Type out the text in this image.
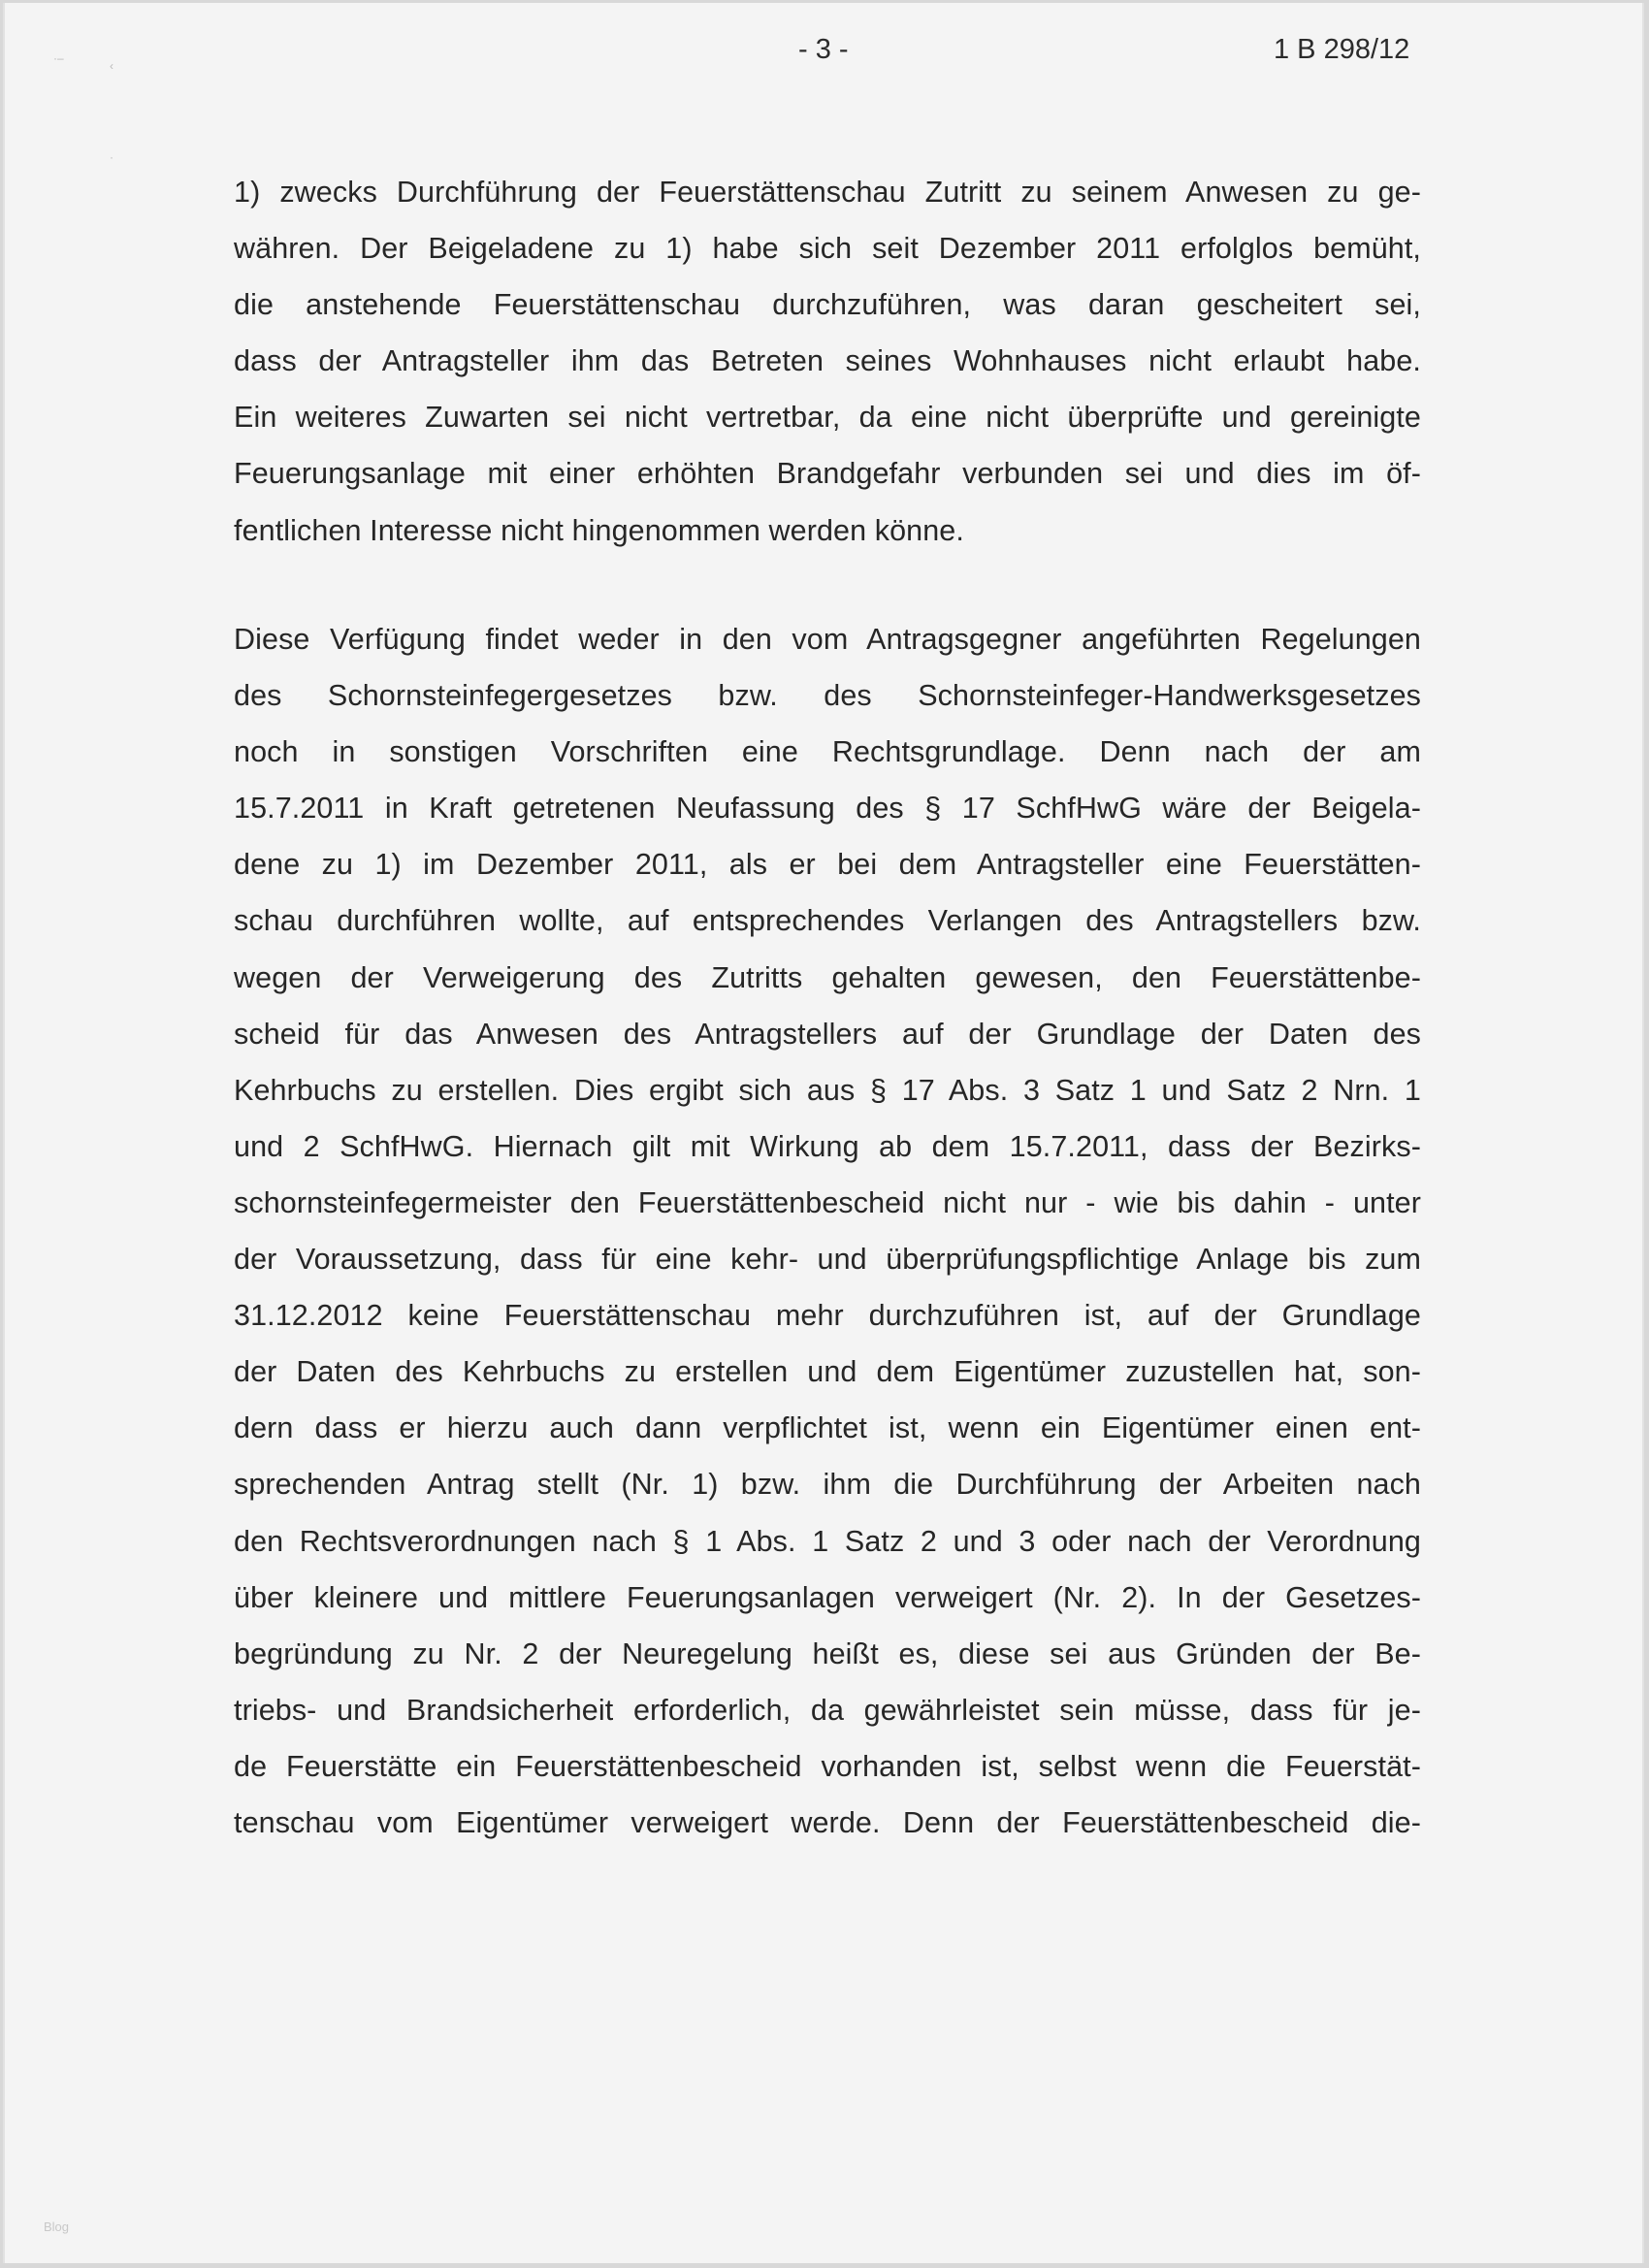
·–
‹
·
- 3 -	1 B 298/12
1) zwecks Durchführung der Feuerstättenschau Zutritt zu seinem Anwesen zu ge-
währen. Der Beigeladene zu 1) habe sich seit Dezember 2011 erfolglos bemüht,
die anstehende Feuerstättenschau durchzuführen, was daran gescheitert sei,
dass der Antragsteller ihm das Betreten seines Wohnhauses nicht erlaubt habe.
Ein weiteres Zuwarten sei nicht vertretbar, da eine nicht überprüfte und gereinigte
Feuerungsanlage mit einer erhöhten Brandgefahr verbunden sei und dies im öf-
fentlichen Interesse nicht hingenommen werden könne.
Diese Verfügung findet weder in den vom Antragsgegner angeführten Regelungen
des Schornsteinfegergesetzes bzw. des Schornsteinfeger-Handwerksgesetzes
noch in sonstigen Vorschriften eine Rechtsgrundlage. Denn nach der am
15.7.2011 in Kraft getretenen Neufassung des § 17 SchfHwG wäre der Beigela-
dene zu 1) im Dezember 2011, als er bei dem Antragsteller eine Feuerstätten-
schau durchführen wollte, auf entsprechendes Verlangen des Antragstellers bzw.
wegen der Verweigerung des Zutritts gehalten gewesen, den Feuerstättenbe-
scheid für das Anwesen des Antragstellers auf der Grundlage der Daten des
Kehrbuchs zu erstellen. Dies ergibt sich aus § 17 Abs. 3 Satz 1 und Satz 2 Nrn. 1
und 2 SchfHwG. Hiernach gilt mit Wirkung ab dem 15.7.2011, dass der Bezirks-
schornsteinfegermeister den Feuerstättenbescheid nicht nur - wie bis dahin - unter
der Voraussetzung, dass für eine kehr- und überprüfungspflichtige Anlage bis zum
31.12.2012 keine Feuerstättenschau mehr durchzuführen ist, auf der Grundlage
der Daten des Kehrbuchs zu erstellen und dem Eigentümer zuzustellen hat, son-
dern dass er hierzu auch dann verpflichtet ist, wenn ein Eigentümer einen ent-
sprechenden Antrag stellt (Nr. 1) bzw. ihm die Durchführung der Arbeiten nach
den Rechtsverordnungen nach § 1 Abs. 1 Satz 2 und 3 oder nach der Verordnung
über kleinere und mittlere Feuerungsanlagen verweigert (Nr. 2). In der Gesetzes-
begründung zu Nr. 2 der Neuregelung heißt es, diese sei aus Gründen der Be-
triebs- und Brandsicherheit erforderlich, da gewährleistet sein müsse, dass für je-
de Feuerstätte ein Feuerstättenbescheid vorhanden ist, selbst wenn die Feuerstät-
tenschau vom Eigentümer verweigert werde. Denn der Feuerstättenbescheid die-
Blog
